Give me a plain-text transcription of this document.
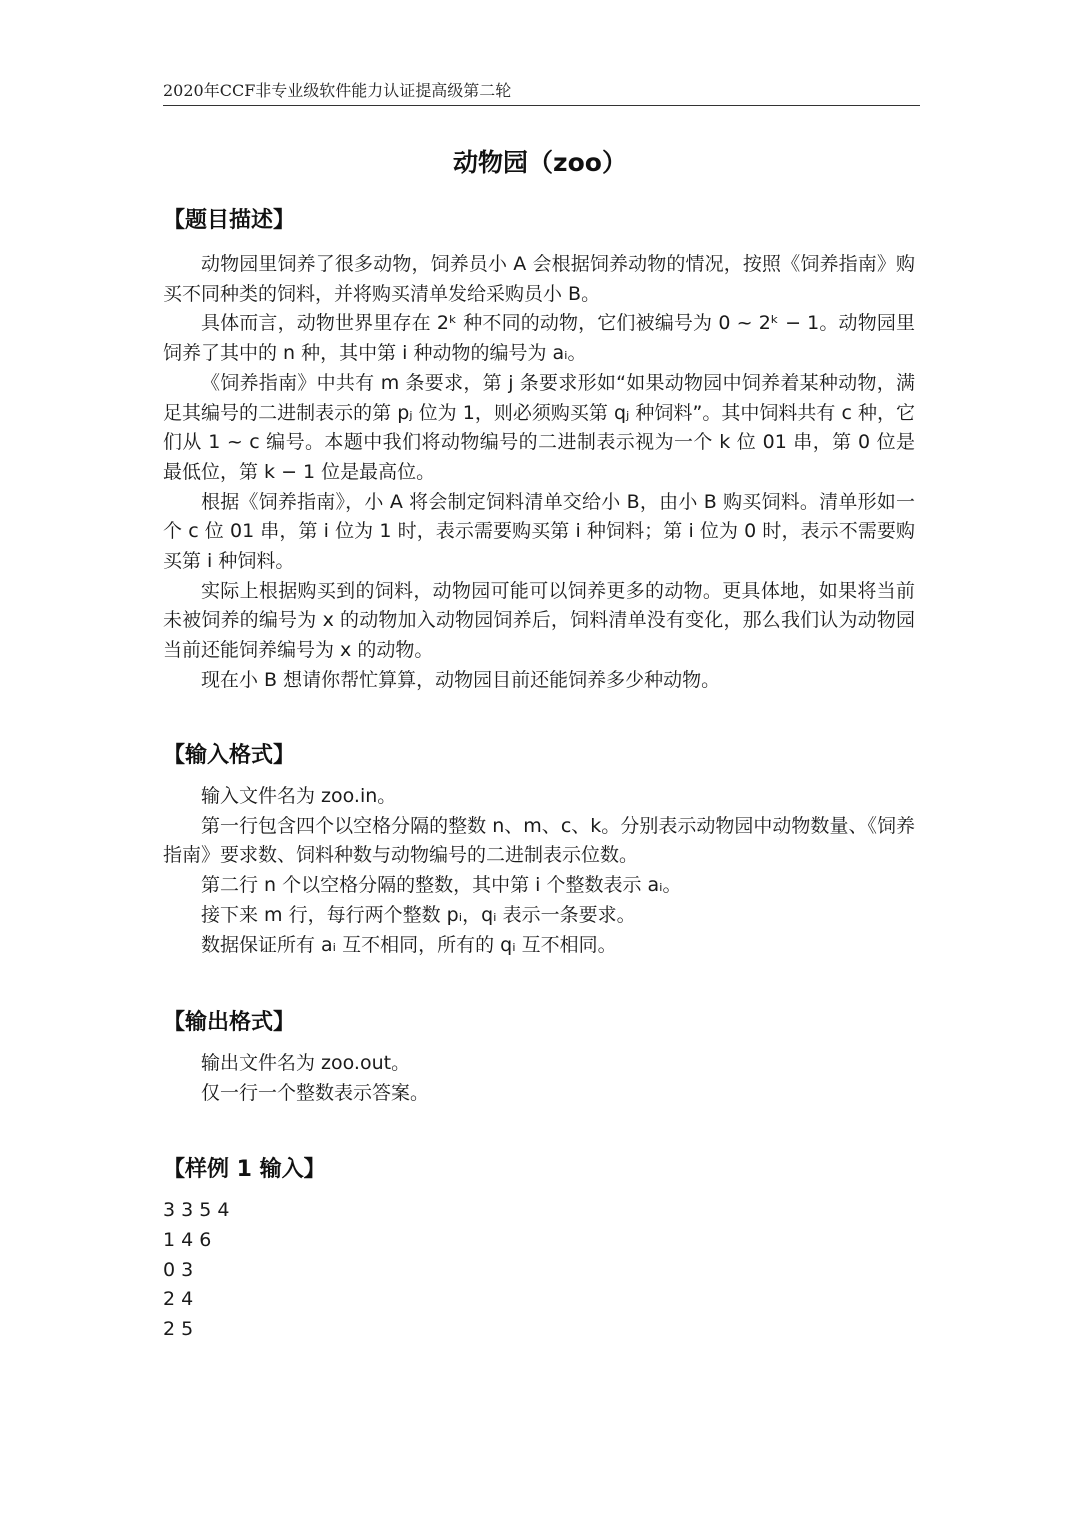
2020年CCF非专业级软件能力认证提高级第二轮
动物园（zoo）
【题目描述】

动物园里饲养了很多动物，饲养员小 A 会根据饲养动物的情况，按照《饲养指南》购买不同种类的饲料，并将购买清单发给采购员小 B。

具体而言，动物世界里存在 2ᵏ 种不同的动物，它们被编号为 0 ~ 2ᵏ − 1。动物园里饲养了其中的 n 种，其中第 i 种动物的编号为 aᵢ。

《饲养指南》中共有 m 条要求，第 j 条要求形如“如果动物园中饲养着某种动物，满足其编号的二进制表示的第 pⱼ 位为 1，则必须购买第 qⱼ 种饲料”。其中饲料共有 c 种，它们从 1 ~ c 编号。本题中我们将动物编号的二进制表示视为一个 k 位 01 串，第 0 位是最低位，第 k − 1 位是最高位。

根据《饲养指南》，小 A 将会制定饲料清单交给小 B，由小 B 购买饲料。清单形如一个 c 位 01 串，第 i 位为 1 时，表示需要购买第 i 种饲料；第 i 位为 0 时，表示不需要购买第 i 种饲料。

实际上根据购买到的饲料，动物园可能可以饲养更多的动物。更具体地，如果将当前未被饲养的编号为 x 的动物加入动物园饲养后，饲料清单没有变化，那么我们认为动物园当前还能饲养编号为 x 的动物。

现在小 B 想请你帮忙算算，动物园目前还能饲养多少种动物。

【输入格式】

输入文件名为 zoo.in。

第一行包含四个以空格分隔的整数 n、m、c、k。分别表示动物园中动物数量、《饲养指南》要求数、饲料种数与动物编号的二进制表示位数。

第二行 n 个以空格分隔的整数，其中第 i 个整数表示 aᵢ。

接下来 m 行，每行两个整数 pᵢ，qᵢ 表示一条要求。

数据保证所有 aᵢ 互不相同，所有的 qᵢ 互不相同。

【输出格式】

输出文件名为 zoo.out。

仅一行一个整数表示答案。

【样例 1 输入】
3 3 5 4
1 4 6
0 3
2 4
2 5
